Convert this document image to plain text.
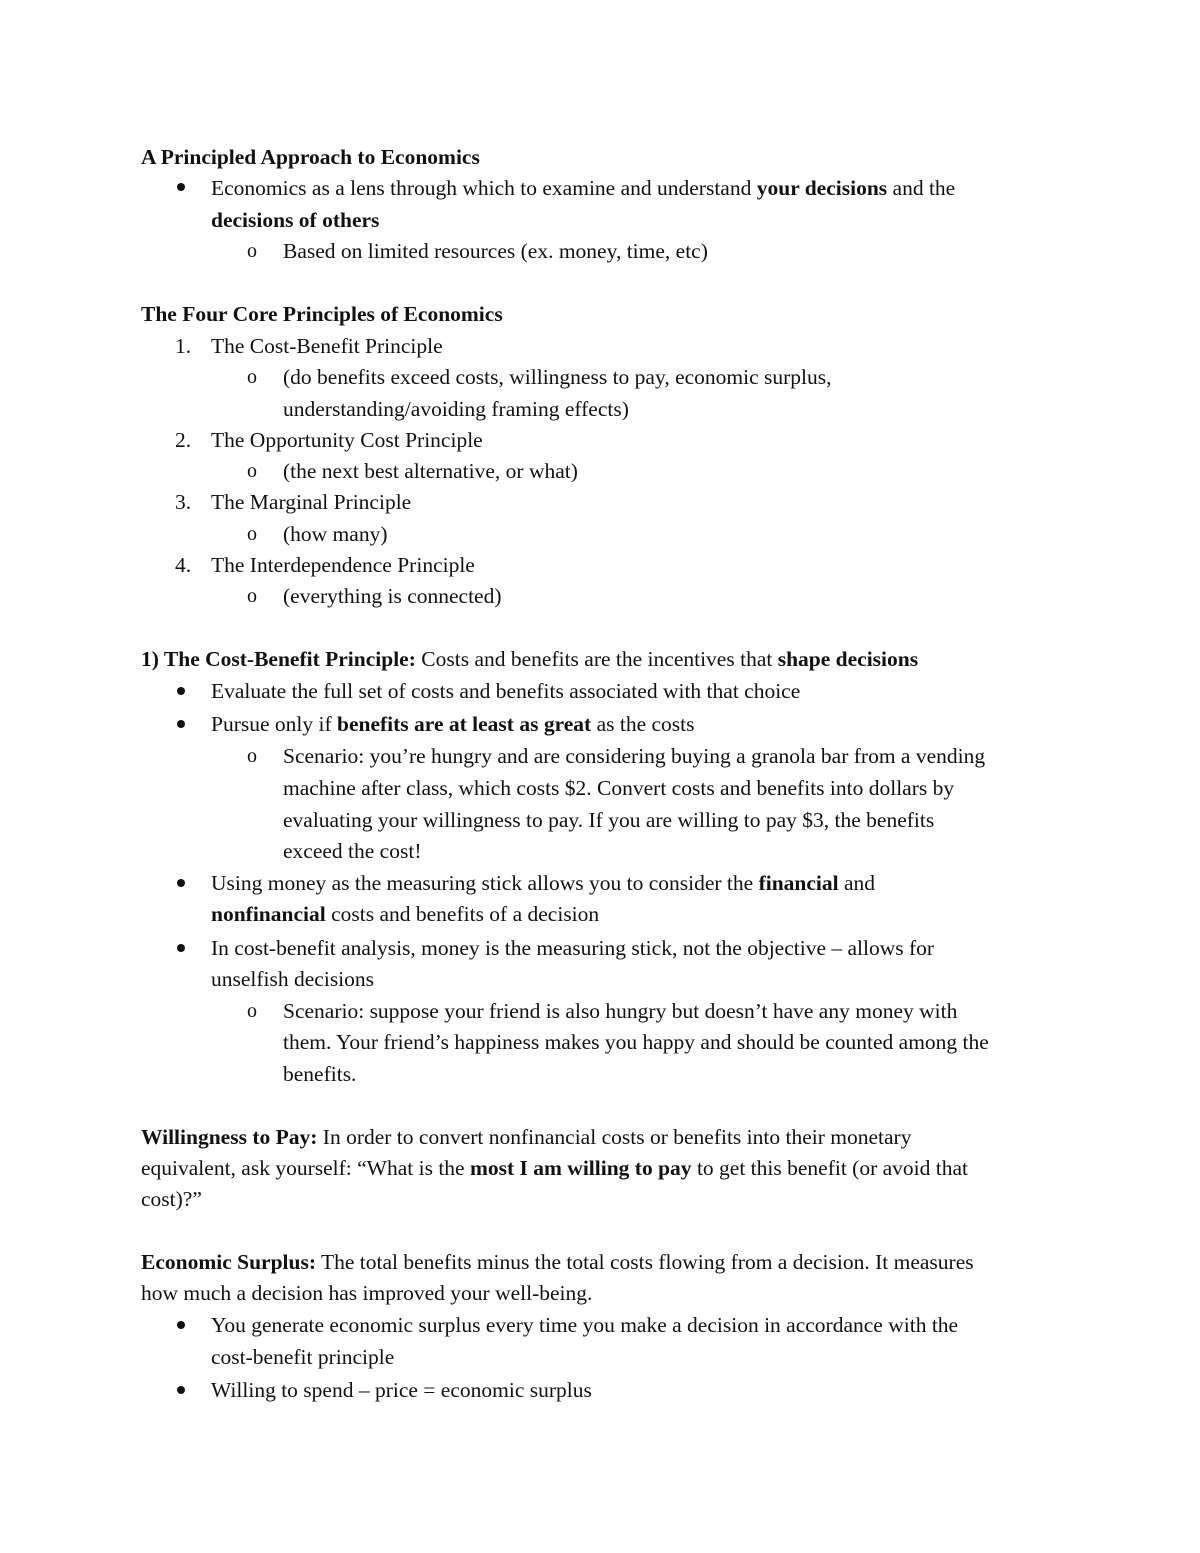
A Principled Approach to Economics
Economics as a lens through which to examine and understand your decisions and the
decisions of others
o Based on limited resources (ex. money, time, etc)
The Four Core Principles of Economics
1. The Cost-Benefit Principle
o (do benefits exceed costs, willingness to pay, economic surplus,
understanding/avoiding framing effects)
2. The Opportunity Cost Principle
o (the next best alternative, or what)
3. The Marginal Principle
o (how many)
4. The Interdependence Principle
o (everything is connected)
1) The Cost-Benefit Principle: Costs and benefits are the incentives that shape decisions
Evaluate the full set of costs and benefits associated with that choice
Pursue only if benefits are at least as great as the costs
o Scenario: you’re hungry and are considering buying a granola bar from a vending
machine after class, which costs $2. Convert costs and benefits into dollars by
evaluating your willingness to pay. If you are willing to pay $3, the benefits
exceed the cost!
Using money as the measuring stick allows you to consider the financial and
nonfinancial costs and benefits of a decision
In cost-benefit analysis, money is the measuring stick, not the objective – allows for
unselfish decisions
o Scenario: suppose your friend is also hungry but doesn’t have any money with
them. Your friend’s happiness makes you happy and should be counted among the
benefits.
Willingness to Pay: In order to convert nonfinancial costs or benefits into their monetary
equivalent, ask yourself: “What is the most I am willing to pay to get this benefit (or avoid that
cost)?”
Economic Surplus: The total benefits minus the total costs flowing from a decision. It measures
how much a decision has improved your well-being.
You generate economic surplus every time you make a decision in accordance with the
cost-benefit principle
Willing to spend – price = economic surplus
